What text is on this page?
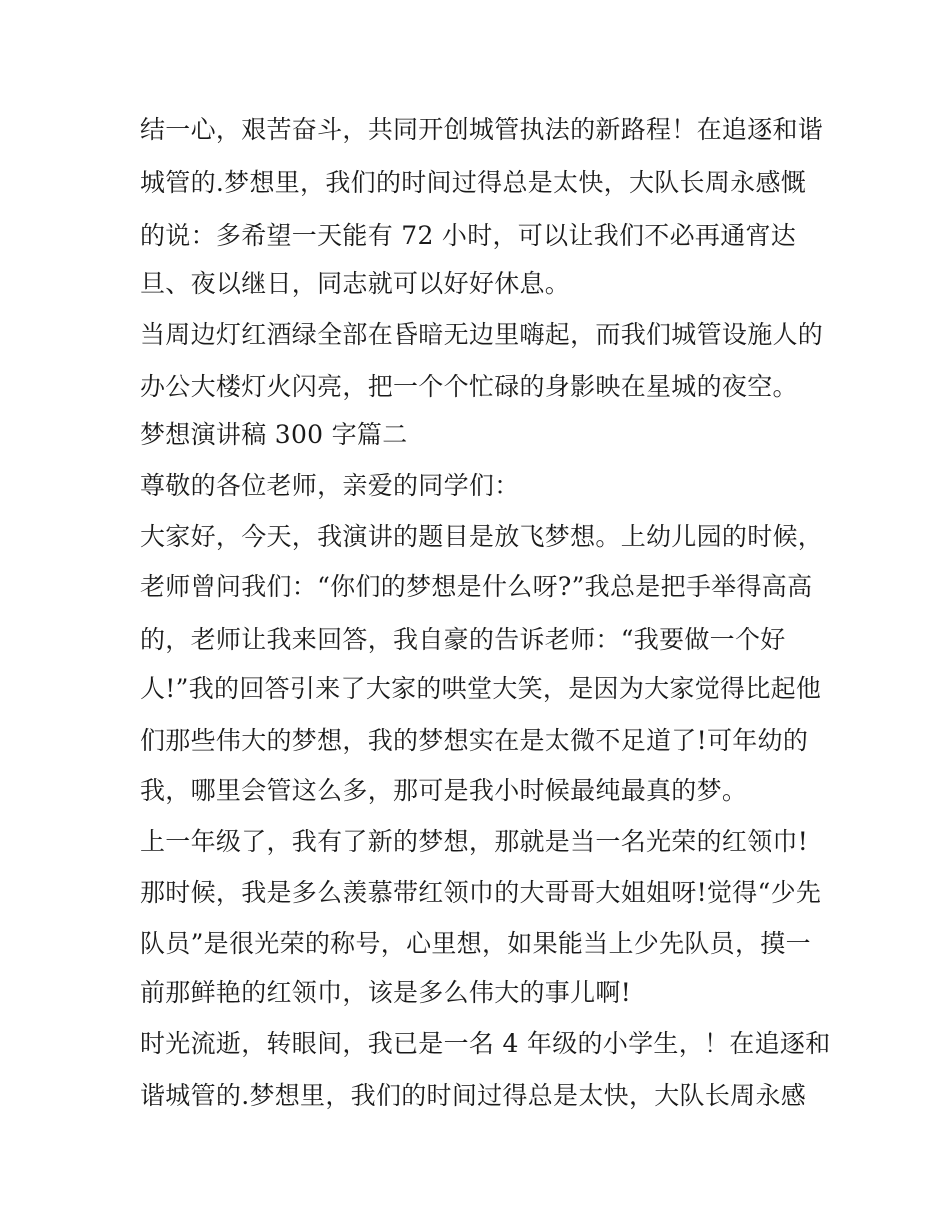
结一心，艰苦奋斗，共同开创城管执法的新路程！在追逐和谐
城管的.梦想里，我们的时间过得总是太快，大队长周永感慨
的说：多希望一天能有 72 小时，可以让我们不必再通宵达
旦、夜以继日，同志就可以好好休息。
当周边灯红酒绿全部在昏暗无边里嗨起，而我们城管设施人的
办公大楼灯火闪亮，把一个个忙碌的身影映在星城的夜空。
梦想演讲稿 300 字篇二
尊敬的各位老师，亲爱的同学们：
大家好，今天，我演讲的题目是放飞梦想。上幼儿园的时候，
老师曾问我们：“你们的梦想是什么呀?”我总是把手举得高高
的，老师让我来回答，我自豪的告诉老师：“我要做一个好
人!”我的回答引来了大家的哄堂大笑，是因为大家觉得比起他
们那些伟大的梦想，我的梦想实在是太微不足道了!可年幼的
我，哪里会管这么多，那可是我小时候最纯最真的梦。
上一年级了，我有了新的梦想，那就是当一名光荣的红领巾!
那时候，我是多么羡慕带红领巾的大哥哥大姐姐呀!觉得“少先
队员”是很光荣的称号，心里想，如果能当上少先队员，摸一
前那鲜艳的红领巾，该是多么伟大的事儿啊!
时光流逝，转眼间，我已是一名 4 年级的小学生，！在追逐和
谐城管的.梦想里，我们的时间过得总是太快，大队长周永感
